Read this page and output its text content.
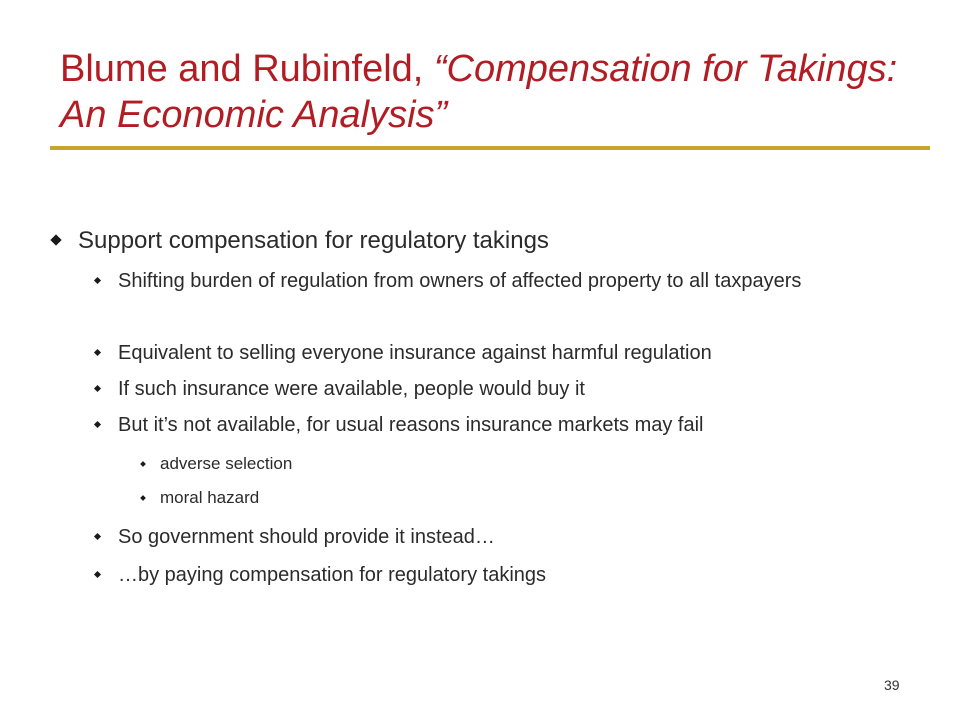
Blume and Rubinfeld, “Compensation for Takings: An Economic Analysis”
Support compensation for regulatory takings
Shifting burden of regulation from owners of affected property to all taxpayers
Equivalent to selling everyone insurance against harmful regulation
If such insurance were available, people would buy it
But it’s not available, for usual reasons insurance markets may fail
adverse selection
moral hazard
So government should provide it instead…
…by paying compensation for regulatory takings
39
